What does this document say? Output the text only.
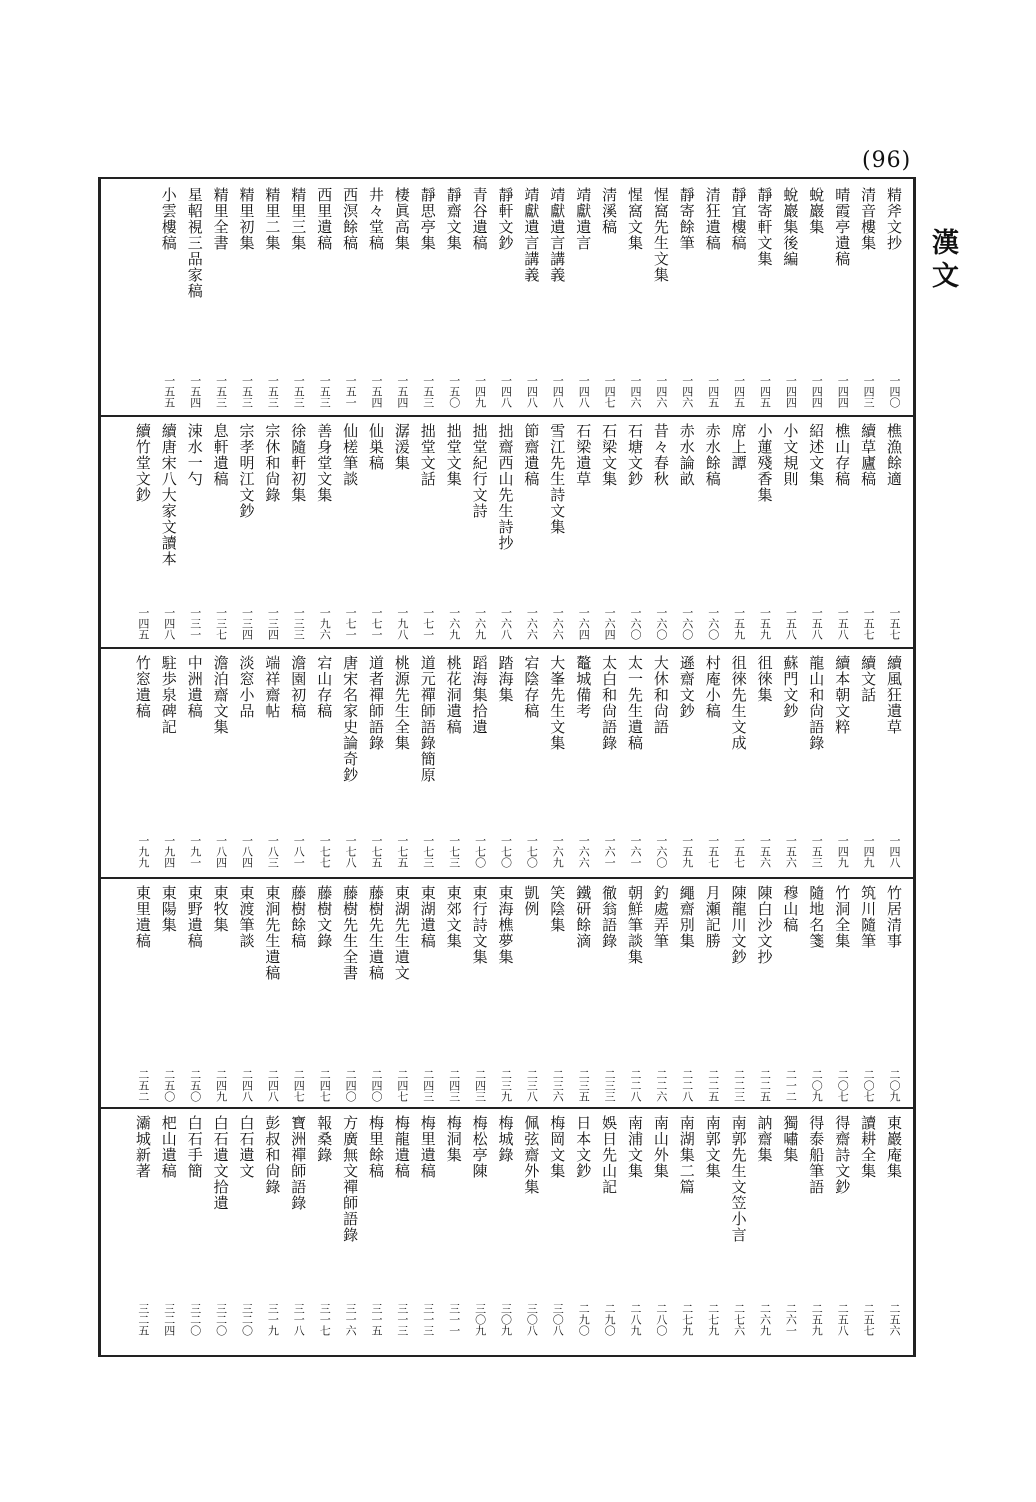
(96)
漢文
精斧文抄
一四〇
清音樓集
一四三
晴霞亭遺稿
一四四
蛻巖集
一四四
蛻巖集後編
一四四
靜寄軒文集
一四五
靜宜樓稿
一四五
清狂遺稿
一四五
靜寄餘筆
一四六
惺窩先生文集
一四六
惺窩文集
一四六
淸溪稿
一四七
靖獻遺言
一四八
靖獻遺言講義
一四八
靖獻遺言講義
一四八
靜軒文鈔
一四八
青谷遺稿
一四九
靜齋文集
一五〇
靜思亭集
一五三
棲眞高集
一五四
井々堂稿
一五四
西溟餘稿
一五一
西里遺稿
一五三
精里三集
一五三
精里二集
一五三
精里初集
一五三
精里全書
一五三
星軺視三品家稿
一五四
小雲樓稿
一五五
樵漁餘適
一五七
續草廬稿
一五七
樵山存稿
一五八
紹述文集
一五八
小文規則
一五八
小蓮殘香集
一五九
席上譚
一五九
赤水餘稿
一六〇
赤水論畝
一六〇
昔々春秋
一六〇
石塘文鈔
一六〇
石梁文集
一六四
石梁遺草
一六四
雪江先生詩文集
一六六
節齋遺稿
一六六
拙齋西山先生詩抄
一六八
拙堂紀行文詩
一六九
拙堂文集
一六九
拙堂文話
一七一
潺湲集
一九八
仙巣稿
一七一
仙槎筆談
一七一
善身堂文集
一九六
徐隨軒初集
一三三
宗休和尙錄
一三四
宗孝明江文鈔
一三四
息軒遺稿
一三七
涑水一勺
一三一
續唐宋八大家文讀本
一四八
續竹堂文鈔
一四五
續風狂遺草
一四八
續文話
一四九
續本朝文粹
一四九
龍山和尙語錄
一五三
蘇門文鈔
一五六
徂徠集
一五六
徂徠先生文成
一五七
村庵小稿
一五七
遜齋文鈔
一五九
大休和尙語
一六〇
太一先生遺稿
一六一
太白和尙語錄
一六一
鼇城備考
一六六
大峯先生文集
一六九
宕陰存稿
一七〇
踏海集
一七〇
蹈海集拾遺
一七〇
桃花洞遺稿
一七三
道元禪師語錄簡原
一七三
桃源先生全集
一七五
道者禪師語錄
一七五
唐宋名家史論奇鈔
一七八
宕山存稿
一七七
澹園初稿
一八一
端祥齋帖
一八三
淡窓小品
一八四
澹泊齋文集
一八四
中洲遺稿
一九一
駐歩泉碑記
一九四
竹窓遺稿
一九九
竹居清事
二〇九
筑川隨筆
二〇七
竹洞全集
二〇七
隨地名箋
二〇九
穆山稿
二一二
陳白沙文抄
二二五
陳龍川文鈔
二二三
月瀬記勝
二二五
繩齋別集
二二八
釣處弄筆
二二六
朝鮮筆談集
二二八
徹翁語錄
二三三
鐵研餘滴
二三五
笑陰集
二三六
凱例
二三八
東海樵夢集
二三九
東行詩文集
二四三
東郊文集
二四三
東湖遺稿
二四三
東湖先生遺文
二四七
藤樹先生遺稿
二四〇
藤樹先生全書
二四〇
藤樹文錄
二四七
藤樹餘稿
二四七
東涧先生遺稿
二四八
東渡筆談
二四八
東牧集
二四九
東野遺稿
二五〇
東陽集
二五〇
東里遺稿
二五二
東巖庵集
二五六
讀耕全集
二五七
得齋詩文鈔
二五八
得泰船筆語
二五九
獨嘯集
二六一
訥齋集
二六九
南郭先生文笠小言
二七六
南郭文集
二七九
南湖集二篇
二七九
南山外集
二八〇
南浦文集
二八九
娛日先山記
二九〇
日本文鈔
二九〇
梅岡文集
三〇八
佩弦齋外集
三〇八
梅城錄
三〇九
梅松亭陳
三〇九
梅洞集
三一一
梅里遺稿
三一三
梅龍遺稿
三一三
梅里餘稿
三一五
方廣無文禪師語錄
三一六
報桑錄
三一七
寶洲禪師語錄
三一八
彭叔和尙錄
三一九
白石遺文
三二〇
白石遺文拾遺
三二〇
白石手簡
三二〇
杷山遺稿
三二四
灞城新著
三二五
